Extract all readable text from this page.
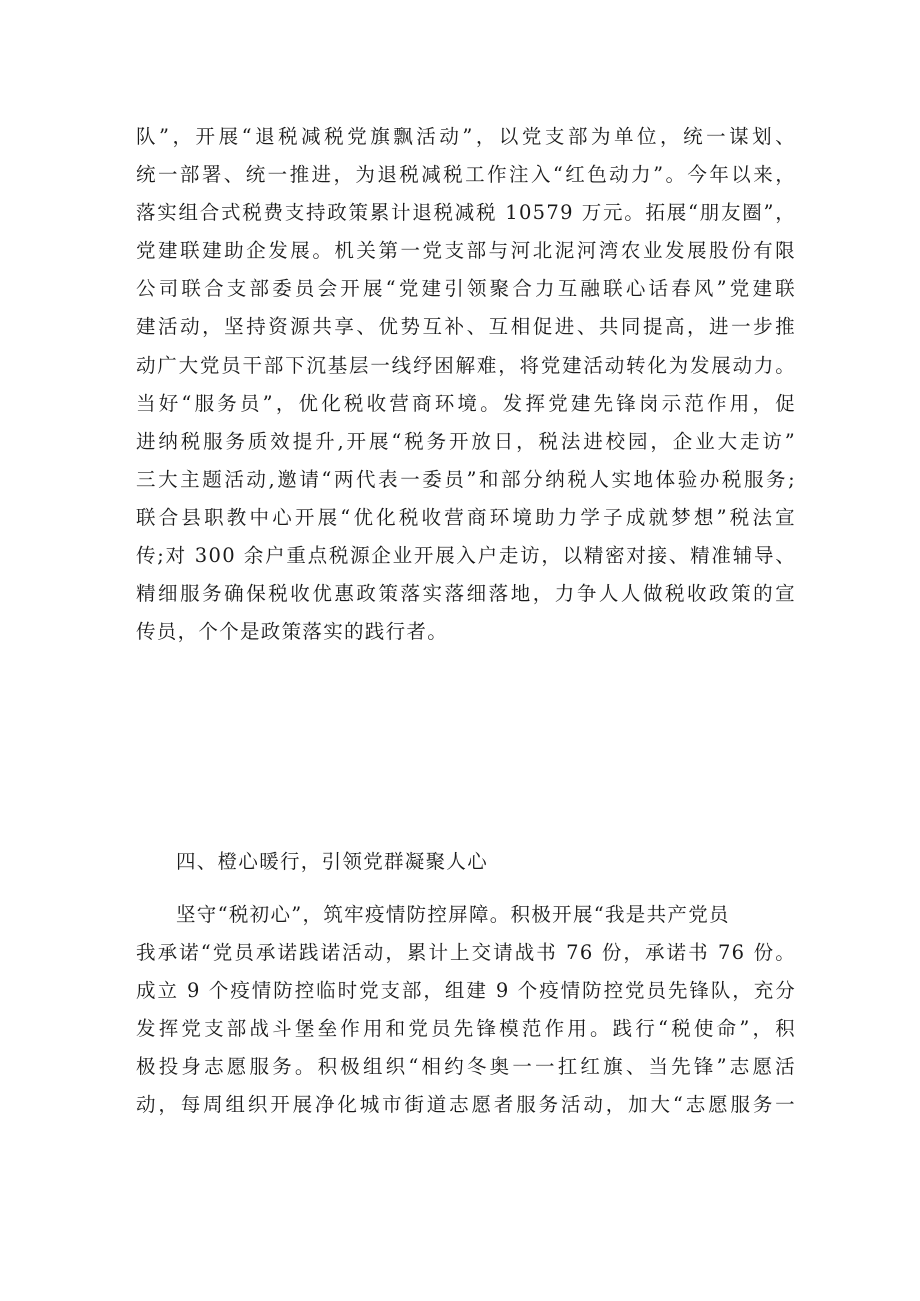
队”，开展“退税减税党旗飘活动”，以党支部为单位，统一谋划、
统一部署、统一推进，为退税减税工作注入“红色动力”。今年以来，
落实组合式税费支持政策累计退税减税 10579 万元。拓展“朋友圈”，
党建联建助企发展。机关第一党支部与河北泥河湾农业发展股份有限
公司联合支部委员会开展“党建引领聚合力互融联心话春风”党建联
建活动，坚持资源共享、优势互补、互相促进、共同提高，进一步推
动广大党员干部下沉基层一线纾困解难，将党建活动转化为发展动力。
当好“服务员”，优化税收营商环境。发挥党建先锋岗示范作用，促
进纳税服务质效提升,开展“税务开放日，税法进校园，企业大走访”
三大主题活动,邀请“两代表一委员”和部分纳税人实地体验办税服务;
联合县职教中心开展“优化税收营商环境助力学子成就梦想”税法宣
传;对 300 余户重点税源企业开展入户走访，以精密对接、精准辅导、
精细服务确保税收优惠政策落实落细落地，力争人人做税收政策的宣
传员，个个是政策落实的践行者。
四、橙心暖行，引领党群凝聚人心
坚守“税初心”，筑牢疫情防控屏障。积极开展“我是共产党员
我承诺“党员承诺践诺活动，累计上交请战书 76 份，承诺书 76 份。
成立 9 个疫情防控临时党支部，组建 9 个疫情防控党员先锋队，充分
发挥党支部战斗堡垒作用和党员先锋模范作用。践行“税使命”，积
极投身志愿服务。积极组织“相约冬奥一一扛红旗、当先锋”志愿活
动，每周组织开展净化城市街道志愿者服务活动，加大“志愿服务一
